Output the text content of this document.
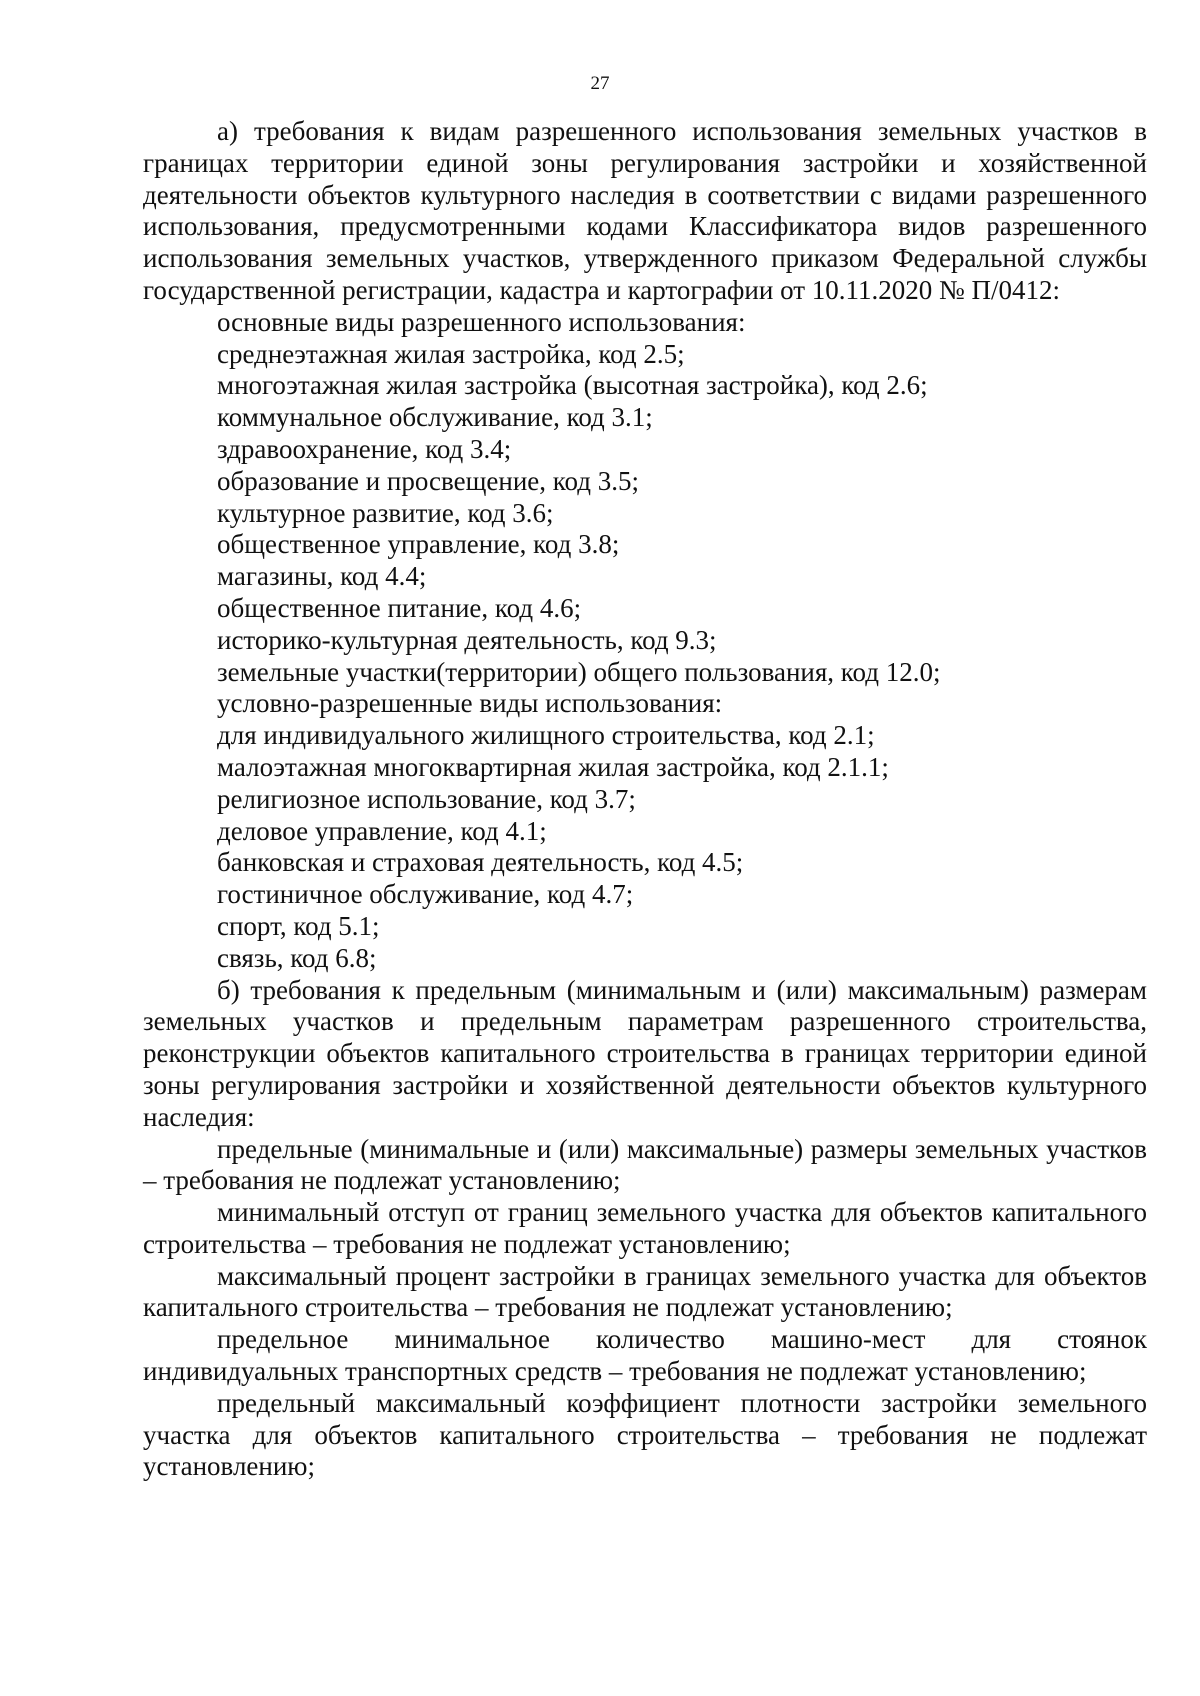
27

а) требования к видам разрешенного использования земельных участков в границах территории единой зоны регулирования застройки и хозяйственной деятельности объектов культурного наследия в соответствии с видами разрешенного использования, предусмотренными кодами Классификатора видов разрешенного использования земельных участков, утвержденного приказом Федеральной службы государственной регистрации, кадастра и картографии от 10.11.2020 № П/0412:

основные виды разрешенного использования:

среднеэтажная жилая застройка, код 2.5;

многоэтажная жилая застройка (высотная застройка), код 2.6;

коммунальное обслуживание, код 3.1;

здравоохранение, код 3.4;

образование и просвещение, код 3.5;

культурное развитие, код 3.6;

общественное управление, код 3.8;

магазины, код 4.4;

общественное питание, код 4.6;

историко-культурная деятельность, код 9.3;

земельные участки(территории) общего пользования, код 12.0;

условно-разрешенные виды использования:

для индивидуального жилищного строительства, код 2.1;

малоэтажная многоквартирная жилая застройка, код 2.1.1;

религиозное использование, код 3.7;

деловое управление, код 4.1;

банковская и страховая деятельность, код 4.5;

гостиничное обслуживание, код 4.7;

спорт, код 5.1;

связь, код 6.8;

б) требования к предельным (минимальным и (или) максимальным) размерам земельных участков и предельным параметрам разрешенного строительства, реконструкции объектов капитального строительства в границах территории единой зоны регулирования застройки и хозяйственной деятельности объектов культурного наследия:

предельные (минимальные и (или) максимальные) размеры земельных участков – требования не подлежат установлению;

минимальный отступ от границ земельного участка для объектов капитального строительства – требования не подлежат установлению;

максимальный процент застройки в границах земельного участка для объектов капитального строительства – требования не подлежат установлению;

предельное минимальное количество машино-мест для стоянок индивидуальных транспортных средств – требования не подлежат установлению;

предельный максимальный коэффициент плотности застройки земельного участка для объектов капитального строительства – требования не подлежат установлению;
